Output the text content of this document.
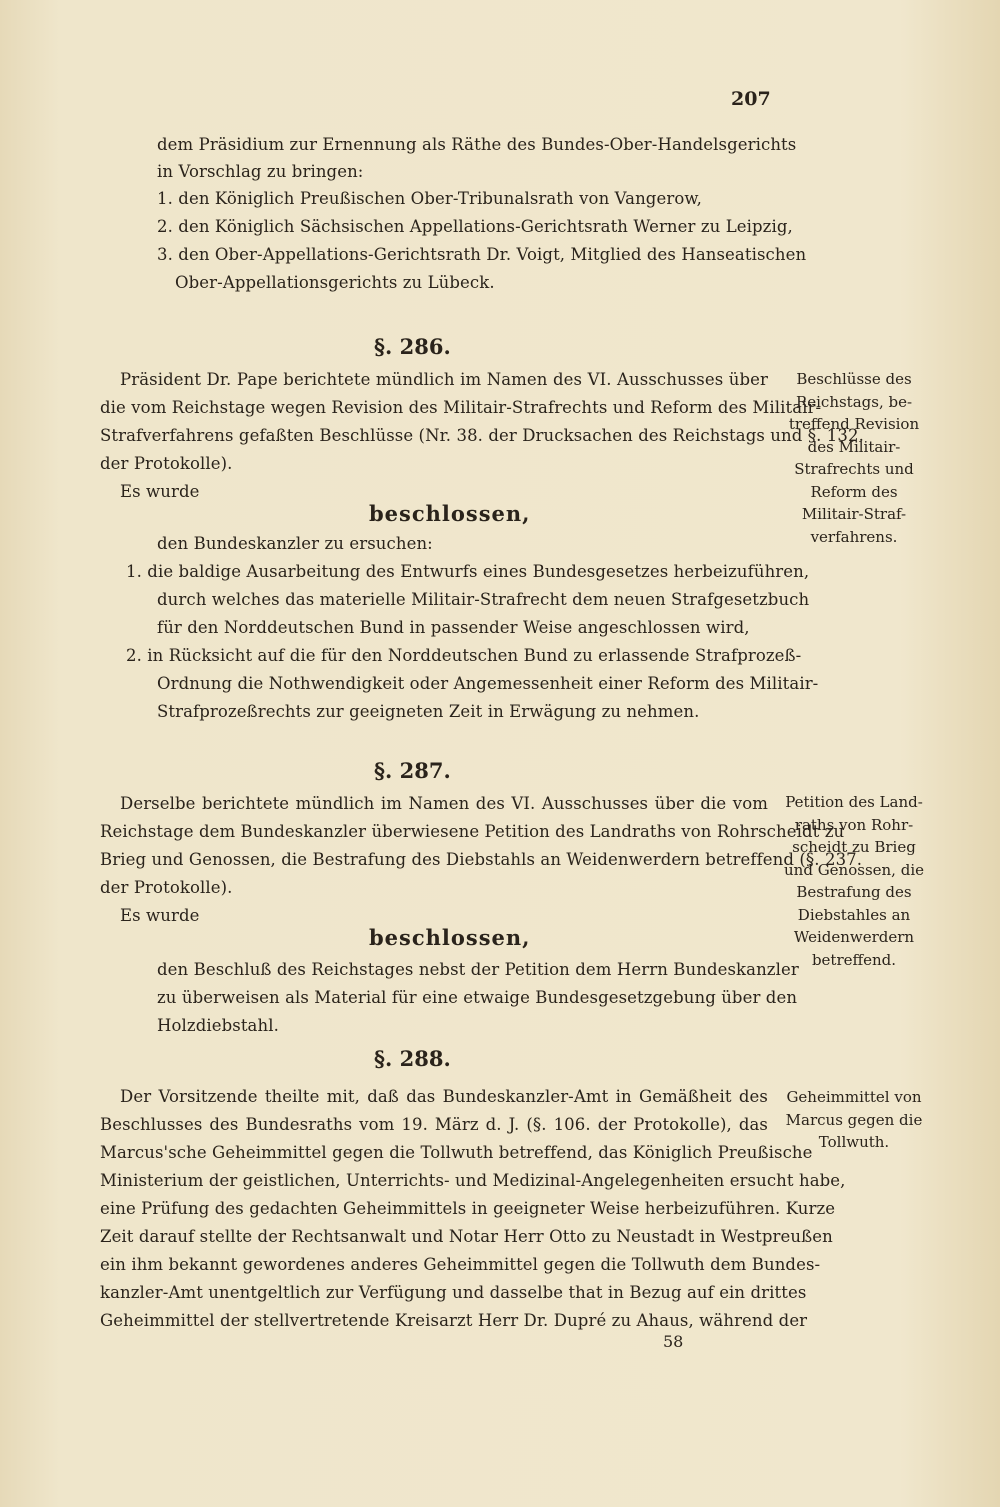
207
dem Präsidium zur Ernennung als Räthe des Bundes-Ober-Handelsgerichts
in Vorschlag zu bringen:
1. den Königlich Preußischen Ober-Tribunalsrath von Vangerow,
2. den Königlich Sächsischen Appellations-Gerichtsrath Werner zu Leipzig,
3. den Ober-Appellations-Gerichtsrath Dr. Voigt, Mitglied des Hanseatischen
Ober-Appellationsgerichts zu Lübeck.
§. 286.
Präsident Dr. Pape berichtete mündlich im Namen des VI. Ausschusses über
die vom Reichstage wegen Revision des Militair-Strafrechts und Reform des Militair-
Strafverfahrens gefaßten Beschlüsse (Nr. 38. der Drucksachen des Reichstags und §. 132.
der Protokolle).
Es wurde
beschlossen,
den Bundeskanzler zu ersuchen:
1. die baldige Ausarbeitung des Entwurfs eines Bundesgesetzes herbeizuführen,
durch welches das materielle Militair-Strafrecht dem neuen Strafgesetzbuch
für den Norddeutschen Bund in passender Weise angeschlossen wird,
2. in Rücksicht auf die für den Norddeutschen Bund zu erlassende Strafprozeß-
Ordnung die Nothwendigkeit oder Angemessenheit einer Reform des Militair-
Strafprozeßrechts zur geeigneten Zeit in Erwägung zu nehmen.
Beschlüsse des
Reichstags, be-
treffend Revision
des Militair-
Strafrechts und
Reform des
Militair-Straf-
verfahrens.
§. 287.
Derselbe berichtete mündlich im Namen des VI. Ausschusses über die vom
Reichstage dem Bundeskanzler überwiesene Petition des Landraths von Rohrscheidt zu
Brieg und Genossen, die Bestrafung des Diebstahls an Weidenwerdern betreffend (§. 237.
der Protokolle).
Es wurde
beschlossen,
den Beschluß des Reichstages nebst der Petition dem Herrn Bundeskanzler
zu überweisen als Material für eine etwaige Bundesgesetzgebung über den
Holzdiebstahl.
Petition des Land-
raths von Rohr-
scheidt zu Brieg
und Genossen, die
Bestrafung des
Diebstahles an
Weidenwerdern
betreffend.
§. 288.
Der Vorsitzende theilte mit, daß das Bundeskanzler-Amt in Gemäßheit des
Beschlusses des Bundesraths vom 19. März d. J. (§. 106. der Protokolle), das
Marcus'sche Geheimmittel gegen die Tollwuth betreffend, das Königlich Preußische
Ministerium der geistlichen, Unterrichts- und Medizinal-Angelegenheiten ersucht habe,
eine Prüfung des gedachten Geheimmittels in geeigneter Weise herbeizuführen. Kurze
Zeit darauf stellte der Rechtsanwalt und Notar Herr Otto zu Neustadt in Westpreußen
ein ihm bekannt gewordenes anderes Geheimmittel gegen die Tollwuth dem Bundes-
kanzler-Amt unentgeltlich zur Verfügung und dasselbe that in Bezug auf ein drittes
Geheimmittel der stellvertretende Kreisarzt Herr Dr. Dupré zu Ahaus, während der
Geheimmittel von
Marcus gegen die
Tollwuth.
58
